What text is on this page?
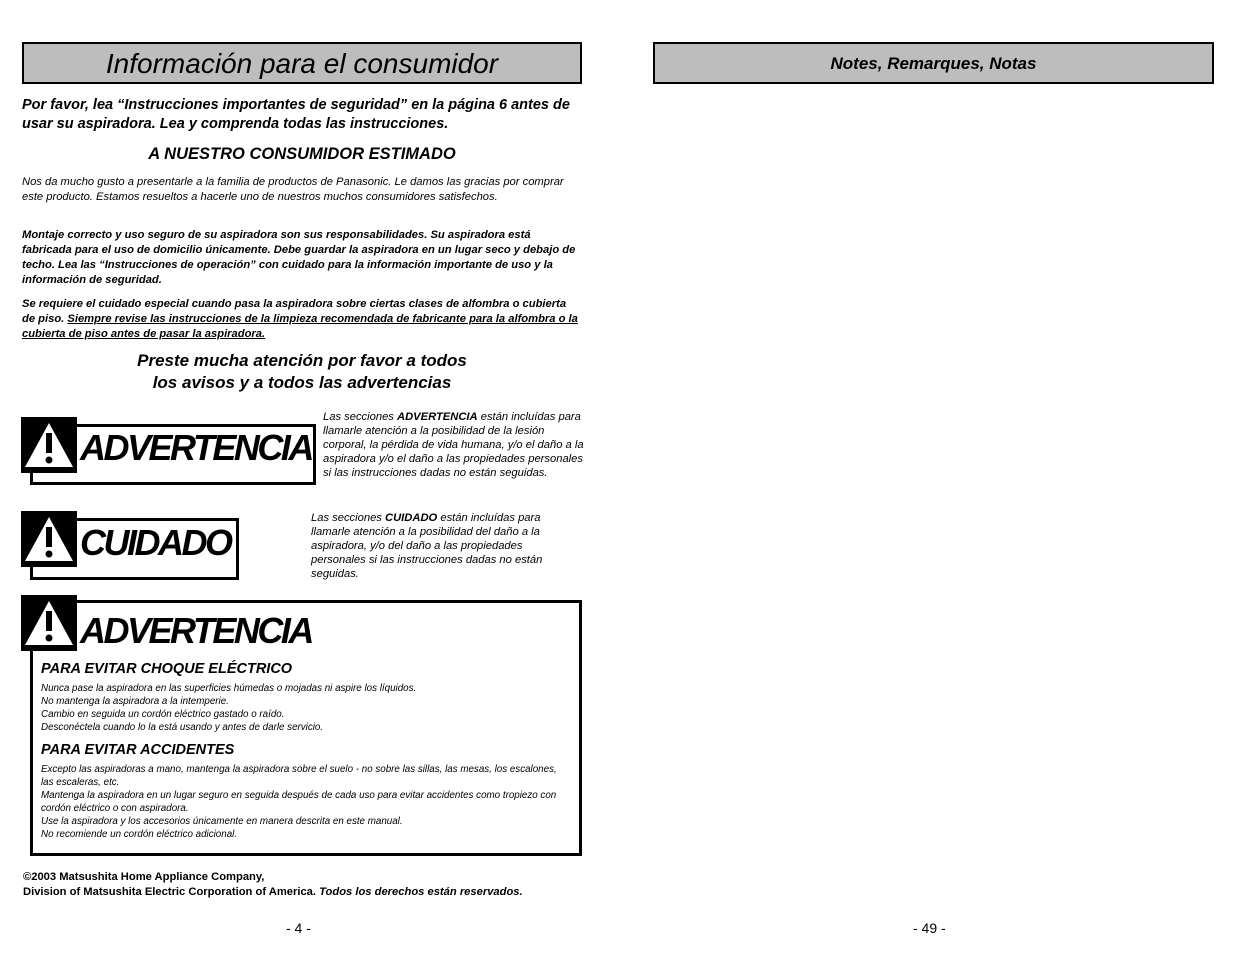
Información para el consumidor
Por favor, lea “Instrucciones importantes de seguridad” en la página 6 antes de usar su aspiradora. Lea y comprenda todas las instrucciones.
A NUESTRO CONSUMIDOR ESTIMADO
Nos da mucho gusto a presentarle a la familia de productos de Panasonic. Le damos las gracias por comprar este producto. Estamos resueltos a hacerle uno de nuestros muchos consumidores satisfechos.
Montaje correcto y uso seguro de su aspiradora son sus responsabilidades. Su aspiradora está fabricada para el uso de domicilio únicamente. Debe guardar la aspiradora en un lugar seco y debajo de techo. Lea las “Instrucciones de operación” con cuidado para la información importante de uso y la información de seguridad.
Se requiere el cuidado especial cuando pasa la aspiradora sobre ciertas clases de alfombra o cubierta de piso. Siempre revise las instrucciones de la limpieza recomendada de fabricante para la alfombra o la cubierta de piso antes de pasar la aspiradora.
Preste mucha atención por favor a todos
los avisos y a todos las advertencias
ADVERTENCIA
Las secciones ADVERTENCIA están incluídas para llamarle atención a la posibilidad de la lesión corporal, la pérdida de vida humana, y/o el daño a la aspiradora y/o el daño a las propiedades personales si las instrucciones dadas no están seguidas.
CUIDADO
Las secciones CUIDADO están incluídas para llamarle atención a la posibilidad del daño a la aspiradora, y/o del daño a las propiedades personales si las instrucciones dadas no están seguidas.
ADVERTENCIA
PARA EVITAR CHOQUE ELÉCTRICO
Nunca pase la aspiradora en las superficies húmedas o mojadas ni aspire los líquidos.
No mantenga la aspiradora a la intemperie.
Cambio en seguida un cordón eléctrico gastado o raído.
Desconéctela cuando lo la está usando y antes de darle servicio.
PARA EVITAR ACCIDENTES
Excepto las aspiradoras a mano, mantenga la aspiradora sobre el suelo - no sobre las sillas, las mesas, los escalones, las escaleras, etc.
Mantenga la aspiradora en un lugar seguro en seguida después de cada uso para evitar accidentes como tropiezo con cordón eléctrico o con aspiradora.
Use la aspiradora y los accesorios únicamente en manera descrita en este manual.
No recomiende un cordón eléctrico adicional.
©2003 Matsushita Home Appliance Company,
Division of Matsushita Electric Corporation of America. Todos los derechos están reservados.
- 4 -
Notes, Remarques, Notas
- 49 -
